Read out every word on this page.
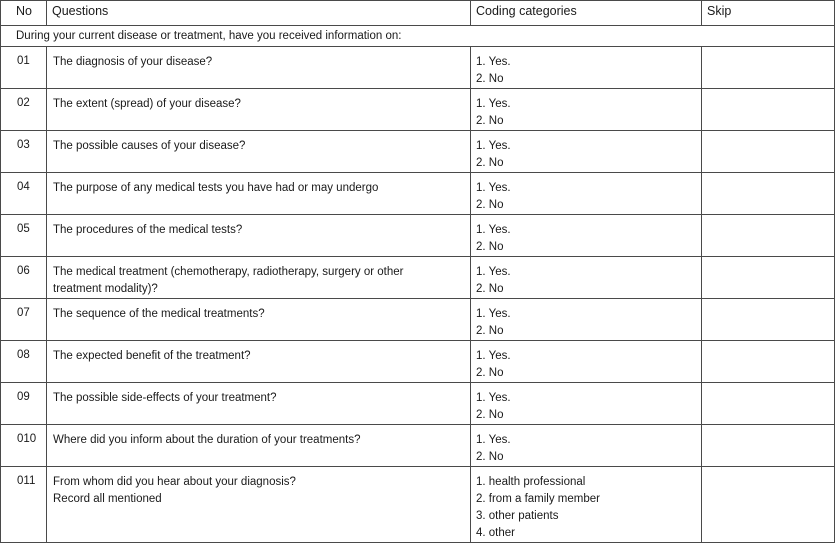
No	Questions	Coding categories	Skip
During your current disease or treatment, have you received information on:			
01	The diagnosis of your disease?	1. Yes.
2. No	

02	The extent (spread) of your disease?	1. Yes.
2. No	

03	The possible causes of your disease?	1. Yes.
2. No	

04	The purpose of any medical tests you have had or may undergo	1. Yes.
2. No	

05	The procedures of the medical tests?	1. Yes.
2. No	

06	The medical treatment (chemotherapy, radiotherapy, surgery or other
treatment modality)?	1. Yes.
2. No	

07	The sequence of the medical treatments?	1. Yes.
2. No	

08	The expected benefit of the treatment?	1. Yes.
2. No	

09	The possible side-effects of your treatment?	1. Yes.
2. No	

010	Where did you inform about the duration of your treatments?	1. Yes.
2. No	

011	From whom did you hear about your diagnosis?
Record all mentioned	1. health professional
2. from a family member
3. other patients
4. other	
